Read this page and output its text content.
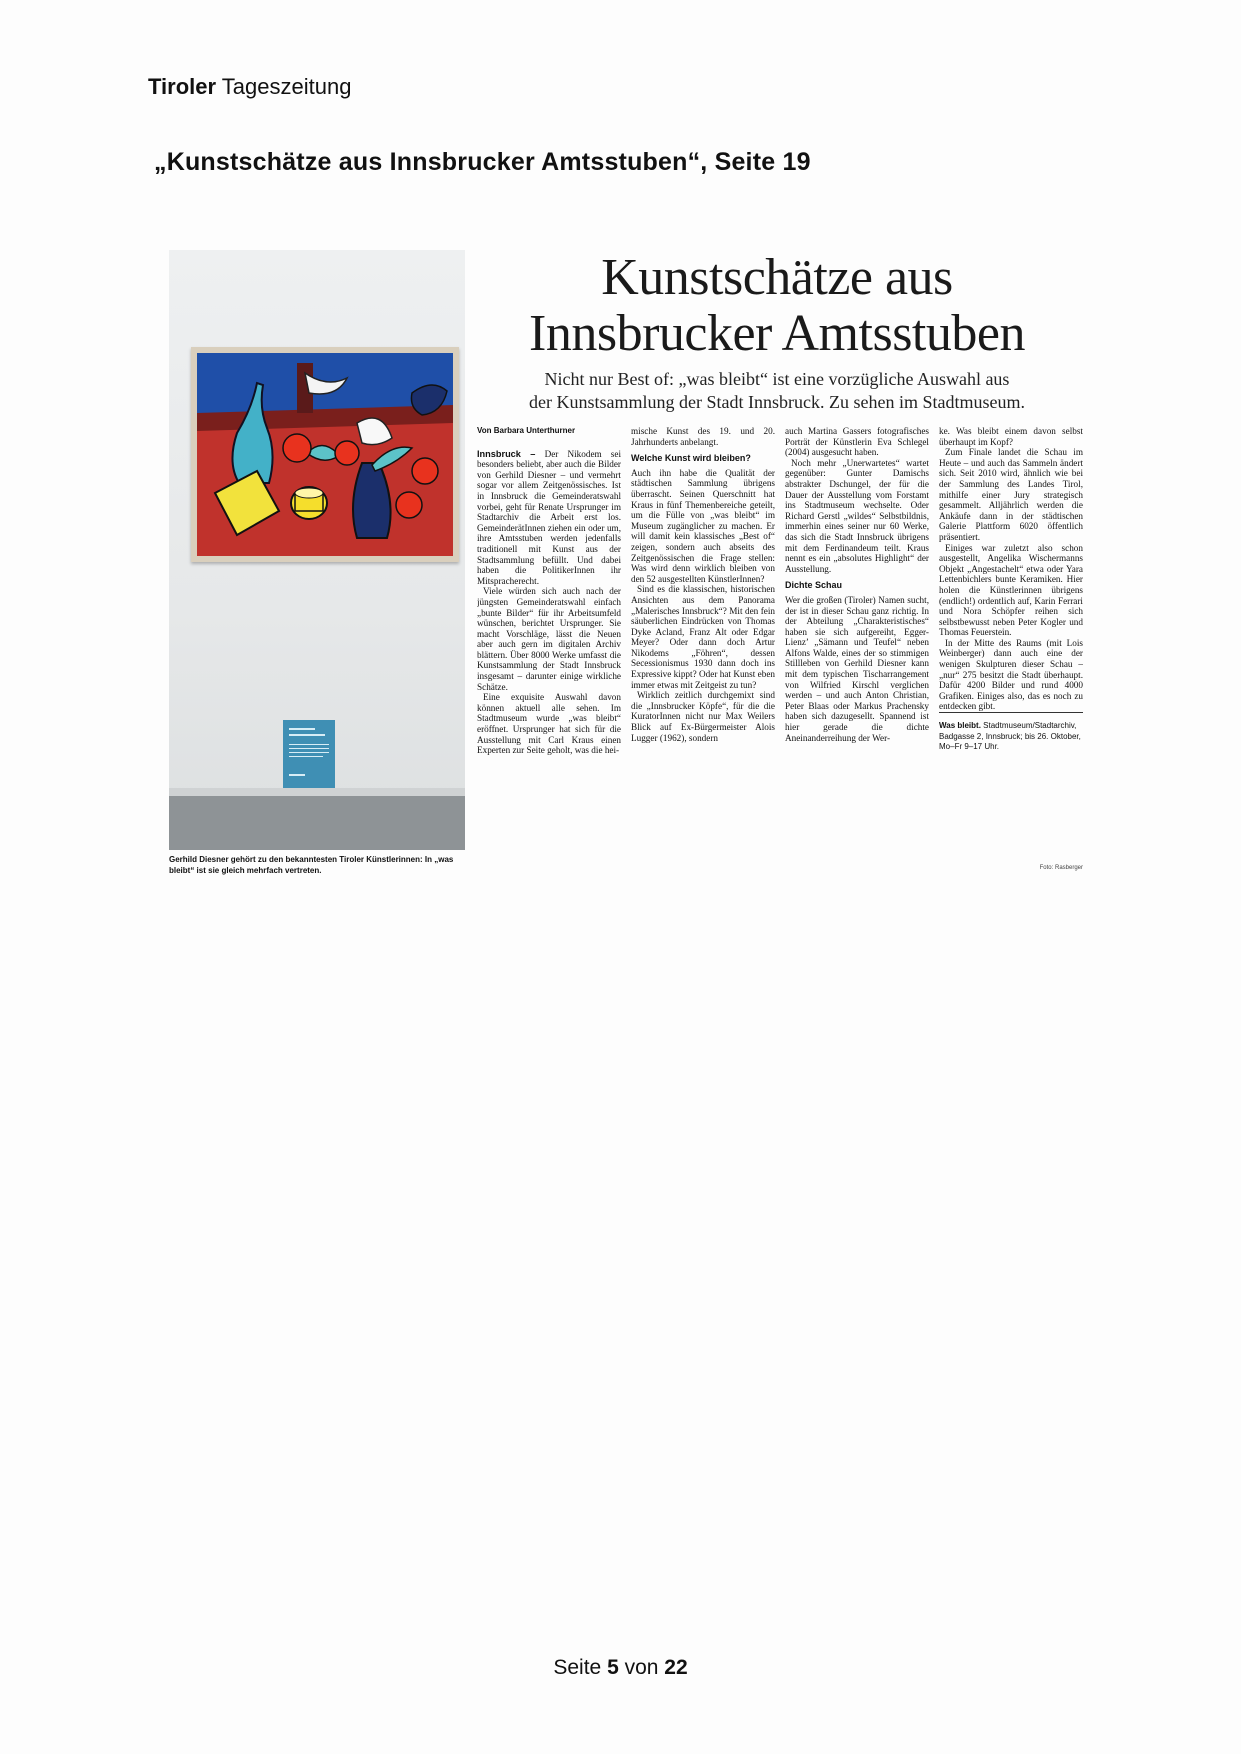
Tiroler Tageszeitung
„Kunstschätze aus Innsbrucker Amtsstuben“, Seite 19
Gerhild Diesner gehört zu den bekanntesten Tiroler Künstlerinnen: In „was bleibt“ ist sie gleich mehrfach vertreten.	Foto: Rasberger
Kunstschätze aus
Innsbrucker Amtsstuben
Nicht nur Best of: „was bleibt“ ist eine vorzügliche Auswahl aus
der Kunstsammlung der Stadt Innsbruck. Zu sehen im Stadtmuseum.

Von Barbara Unterthurner

Innsbruck – Der Nikodem sei besonders beliebt, aber auch die Bilder von Gerhild Diesner – und vermehrt sogar vor allem Zeitgenössisches. Ist in Innsbruck die Gemeinderatswahl vorbei, geht für Renate Ursprunger im Stadtarchiv die Arbeit erst los. GemeinderätInnen ziehen ein oder um, ihre Amtsstuben werden jedenfalls traditionell mit Kunst aus der Stadtsammlung befüllt. Und dabei haben die PolitikerInnen ihr Mitspracherecht.

Viele würden sich auch nach der jüngsten Gemeinderatswahl einfach „bunte Bilder“ für ihr Arbeitsumfeld wünschen, berichtet Ursprunger. Sie macht Vorschläge, lässt die Neuen aber auch gern im digitalen Archiv blättern. Über 8000 Werke umfasst die Kunstsammlung der Stadt Innsbruck insgesamt – darunter einige wirkliche Schätze.

Eine exquisite Auswahl davon können aktuell alle sehen. Im Stadtmuseum wurde „was bleibt“ eröffnet. Ursprunger hat sich für die Ausstellung mit Carl Kraus einen Experten zur Seite geholt, was die hei-

mische Kunst des 19. und 20. Jahrhunderts anbelangt.

Welche Kunst wird bleiben?

Auch ihn habe die Qualität der städtischen Sammlung übrigens überrascht. Seinen Querschnitt hat Kraus in fünf Themenbereiche geteilt, um die Fülle von „was bleibt“ im Museum zugänglicher zu machen. Er will damit kein klassisches „Best of“ zeigen, sondern auch abseits des Zeitgenössischen die Frage stellen: Was wird denn wirklich bleiben von den 52 ausgestellten KünstlerInnen?

Sind es die klassischen, historischen Ansichten aus dem Panorama „Malerisches Innsbruck“? Mit den fein säuberlichen Eindrücken von Thomas Dyke Acland, Franz Alt oder Edgar Meyer? Oder dann doch Artur Nikodems „Föhren“, dessen Secessionismus 1930 dann doch ins Expressive kippt? Oder hat Kunst eben immer etwas mit Zeitgeist zu tun?

Wirklich zeitlich durchgemixt sind die „Innsbrucker Köpfe“, für die die KuratorInnen nicht nur Max Weilers Blick auf Ex-Bürgermeister Alois Lugger (1962), sondern

auch Martina Gassers fotografisches Porträt der Künstlerin Eva Schlegel (2004) ausgesucht haben.

Noch mehr „Unerwartetes“ wartet gegenüber: Gunter Damischs abstrakter Dschungel, der für die Dauer der Ausstellung vom Forstamt ins Stadtmuseum wechselte. Oder Richard Gerstl „wildes“ Selbstbildnis, immerhin eines seiner nur 60 Werke, das sich die Stadt Innsbruck übrigens mit dem Ferdinandeum teilt. Kraus nennt es ein „absolutes Highlight“ der Ausstellung.

Dichte Schau

Wer die großen (Tiroler) Namen sucht, der ist in dieser Schau ganz richtig. In der Abteilung „Charakteristisches“ haben sie sich aufgereiht, Egger-Lienz’ „Sämann und Teufel“ neben Alfons Walde, eines der so stimmigen Stillleben von Gerhild Diesner kann mit dem typischen Tischarrangement von Wilfried Kirschl verglichen werden – und auch Anton Christian, Peter Blaas oder Markus Prachensky haben sich dazugesellt. Spannend ist hier gerade die dichte Aneinanderreihung der Wer-

ke. Was bleibt einem davon selbst überhaupt im Kopf?

Zum Finale landet die Schau im Heute – und auch das Sammeln ändert sich. Seit 2010 wird, ähnlich wie bei der Sammlung des Landes Tirol, mithilfe einer Jury strategisch gesammelt. Alljährlich werden die Ankäufe dann in der städtischen Galerie Plattform 6020 öffentlich präsentiert.

Einiges war zuletzt also schon ausgestellt, Angelika Wischermanns Objekt „Angestachelt“ etwa oder Yara Lettenbichlers bunte Keramiken. Hier holen die Künstlerinnen übrigens (endlich!) ordentlich auf, Karin Ferrari und Nora Schöpfer reihen sich selbstbewusst neben Peter Kogler und Thomas Feuerstein.

In der Mitte des Raums (mit Lois Weinberger) dann auch eine der wenigen Skulpturen dieser Schau – „nur“ 275 besitzt die Stadt überhaupt. Dafür 4200 Bilder und rund 4000 Grafiken. Einiges also, das es noch zu entdecken gibt.

Was bleibt. Stadtmuseum/Stadtarchiv, Badgasse 2, Innsbruck; bis 26. Oktober, Mo–Fr 9–17 Uhr.

Seite 5 von 22
